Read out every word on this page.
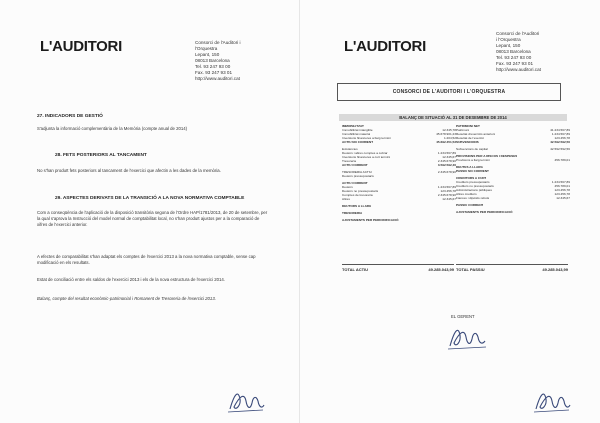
L'AUDITORI	Consorci de l'Auditori i
l'Orquestra
Lepant, 150
08013 Barcelona
Tel. 93 247 93 00
Fax. 93 247 93 01
http://www.auditori.cat
27. INDICADORS DE GESTIÓ
S'adjunta la informació complementària de la Memòria (compte anual de 2014)
28. FETS POSTERIORS AL TANCAMENT
No s'han produït fets posteriors al tancament de l'exercici que afectin a les dades de la memòria.
29. ASPECTES DERIVATS DE LA TRANSICIÓ A LA NOVA NORMATIVA COMPTABLE
Com a conseqüència de l'aplicació de la disposició transitòria segona de l'Ordre HAP/1781/2013, de 20 de setembre, per la qual s'aprova la Instrucció del model normal de comptabilitat local, no s'han produït ajustos per a la comparació de xifres de l'exercici anterior.
A efectes de comparabilitat s'han adaptat els comptes de l'exercici 2013 a la nova normativa comptable, sense cap modificació en els resultats.
Estat de conciliació entre els saldos de l'exercici 2013 i els de la nova estructura de l'exercici 2014.
Balanç, compte del resultat econòmic-patrimonial i Romanent de Tresoreria de l'exercici 2013.
L'AUDITORI
Consorci de l'Auditori
i l'Orquestra
Lepant, 150
08013 Barcelona
Tel. 93 247 93 00
Fax. 93 247 93 01
http://www.auditori.cat
CONSORCI DE L'AUDITORI I L'ORQUESTRA
BALANÇ DE SITUACIÓ AL 31 DE DESEMBRE DE 2014
IMMOBILITZAT
Immobilitzat intangible	12.345,78
Immobilitzat material	45.678.901,23
Inversions financeres a llarg termini	1.204,52
ACTIU NO CORRENT	45.692.451,53
Existències
Deutors i altres comptes a cobrar	1.234.567,89
Inversions financeres a curt termini	12.345,67
Tresoreria	2.345.678,90
ACTIU CORRENT	3.592.592,46
TRESORERIA ACTIU	2.345.678,90
Deutors pressupostaris
ACTIU CORRENT
Deutors	1.234.567,89
Deutors no pressupostaris	123.456,78
Comptes de tresoreria	2.345.678,90
Altres	12.345,67
DEUTORS A LLARG
TRESORERIA
AJUSTAMENTS PER PERIODIFICACIÓ
PATRIMONI NET
Patrimoni	41.234.567,89
Resultat d'exercicis anteriors	1.234.567,89
Resultat de l'exercici	123.456,78
SUBVENCIONS	42.592.592,56
Subvencions de capital	42.592.592,56
PROVISIONS PER A RISCOS I DESPESES
Provisions a llarg termini	456.789,01
DEUTES A LLARG
PASSIU NO CORRENT
CREDITORS A CURT
Creditors pressupostaris	1.234.567,89
Creditors no pressupostaris	456.789,01
Administracions públiques	123.456,78
Altres creditors	123.456,78
Fiances i dipòsits rebuts	12.345,67
PASSIU CORRENT
AJUSTAMENTS PER PERIODIFICACIÓ
TOTAL ACTIU	49.285.043,99 TOTAL PASSIU	49.285.043,99
EL GERENT
